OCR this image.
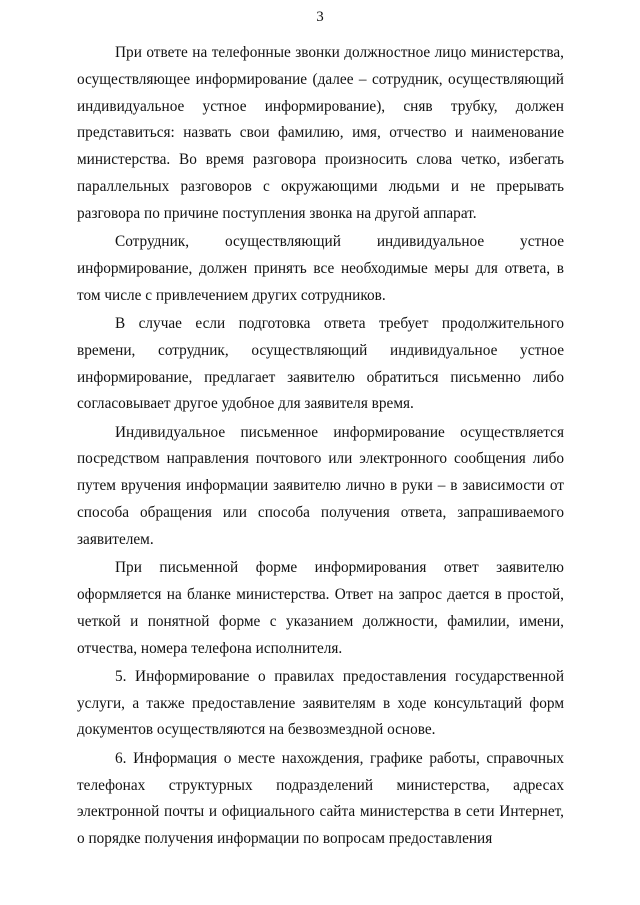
3

При ответе на телефонные звонки должностное лицо министерства, осуществляющее информирование (далее – сотрудник, осуществляющий индивидуальное устное информирование), сняв трубку, должен представиться: назвать свои фамилию, имя, отчество и наименование министерства. Во время разговора произносить слова четко, избегать параллельных разговоров с окружающими людьми и не прерывать разговора по причине поступления звонка на другой аппарат.

Сотрудник, осуществляющий индивидуальное устное информирование, должен принять все необходимые меры для ответа, в том числе с привлечением других сотрудников.

В случае если подготовка ответа требует продолжительного времени, сотрудник, осуществляющий индивидуальное устное информирование, предлагает заявителю обратиться письменно либо согласовывает другое удобное для заявителя время.

Индивидуальное письменное информирование осуществляется посредством направления почтового или электронного сообщения либо путем вручения информации заявителю лично в руки – в зависимости от способа обращения или способа получения ответа, запрашиваемого заявителем.

При письменной форме информирования ответ заявителю оформляется на бланке министерства. Ответ на запрос дается в простой, четкой и понятной форме с указанием должности, фамилии, имени, отчества, номера телефона исполнителя.

5. Информирование о правилах предоставления государственной услуги, а также предоставление заявителям в ходе консультаций форм документов осуществляются на безвозмездной основе.

6. Информация о месте нахождения, графике работы, справочных телефонах структурных подразделений министерства, адресах электронной почты и официального сайта министерства в сети Интернет, о порядке получения информации по вопросам предоставления
